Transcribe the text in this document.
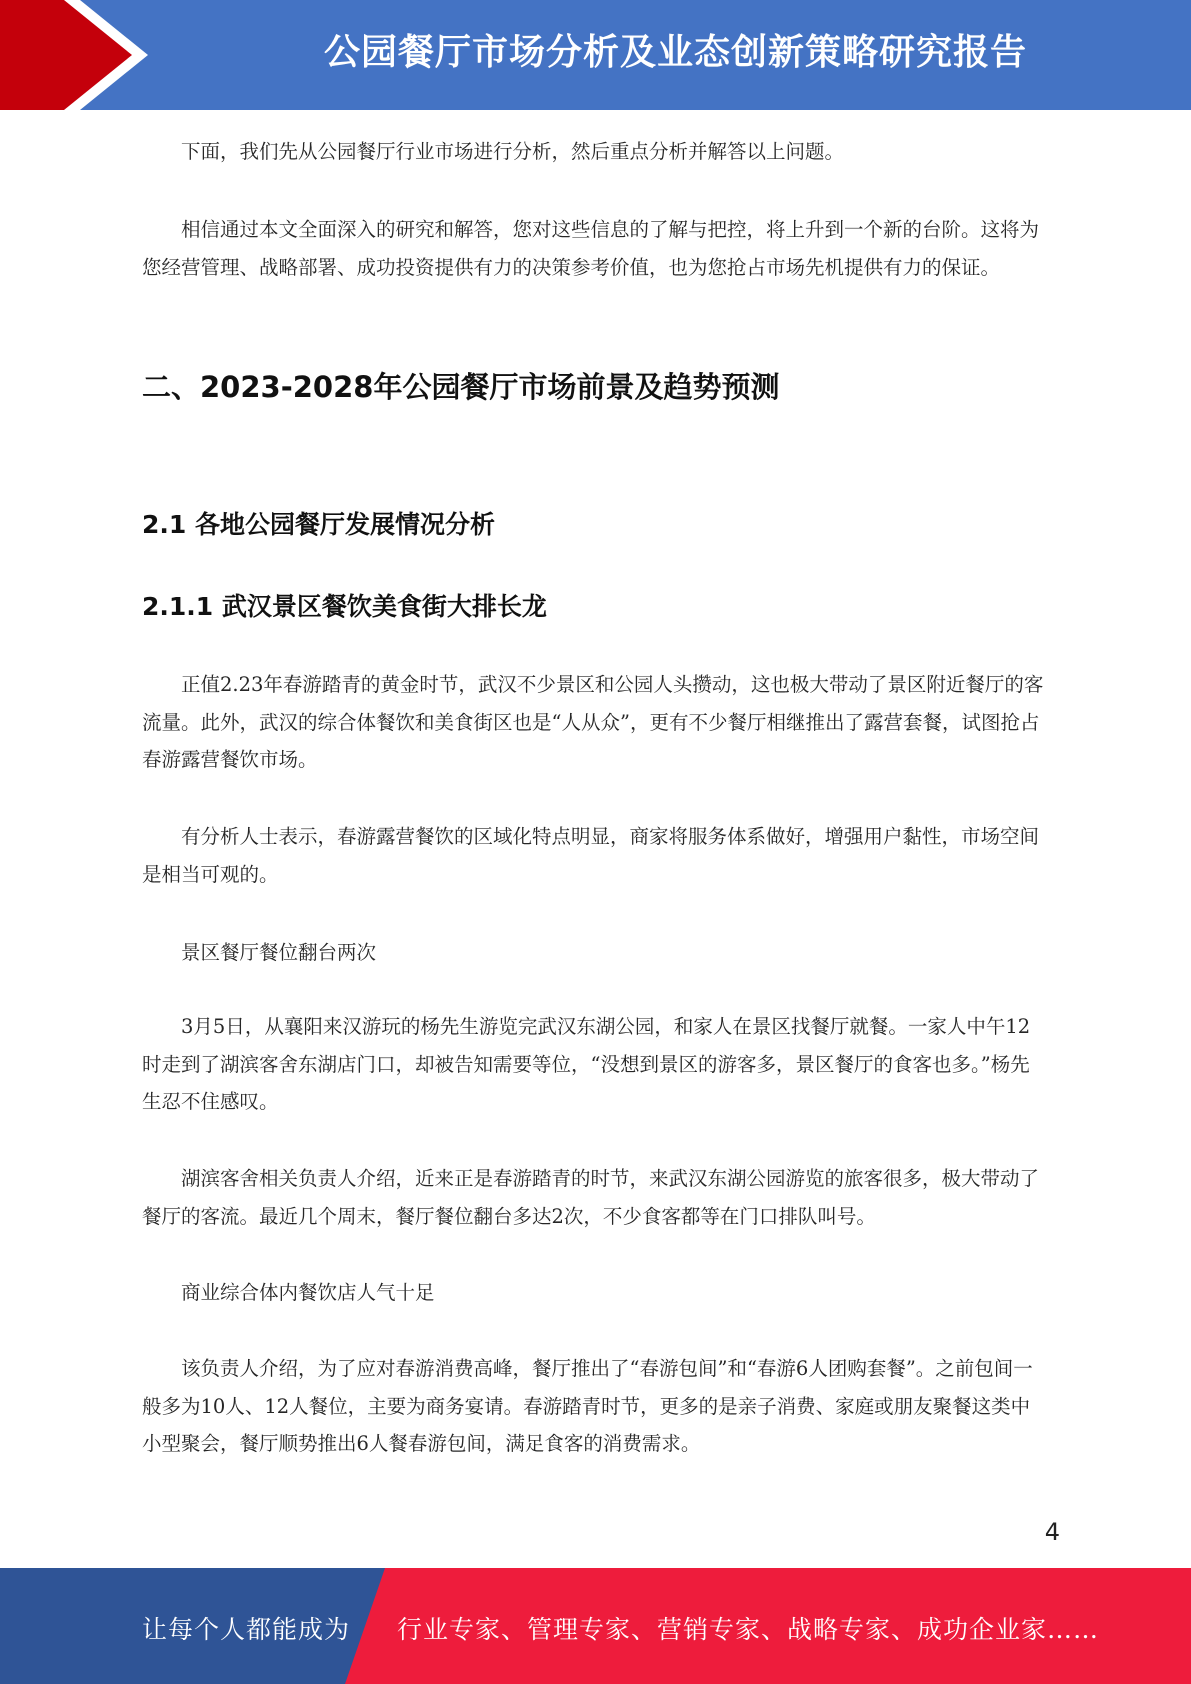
公园餐厅市场分析及业态创新策略研究报告

下面，我们先从公园餐厅行业市场进行分析，然后重点分析并解答以上问题。

相信通过本文全面深入的研究和解答，您对这些信息的了解与把控，将上升到一个新的台阶。这将为您经营管理、战略部署、成功投资提供有力的决策参考价值，也为您抢占市场先机提供有力的保证。

二、2023-2028年公园餐厅市场前景及趋势预测
2.1 各地公园餐厅发展情况分析
2.1.1 武汉景区餐饮美食街大排长龙

正值2.23年春游踏青的黄金时节，武汉不少景区和公园人头攒动，这也极大带动了景区附近餐厅的客流量。此外，武汉的综合体餐饮和美食街区也是“人从众”，更有不少餐厅相继推出了露营套餐，试图抢占春游露营餐饮市场。

有分析人士表示，春游露营餐饮的区域化特点明显，商家将服务体系做好，增强用户黏性，市场空间是相当可观的。

景区餐厅餐位翻台两次

3月5日，从襄阳来汉游玩的杨先生游览完武汉东湖公园，和家人在景区找餐厅就餐。一家人中午12时走到了湖滨客舍东湖店门口，却被告知需要等位，“没想到景区的游客多，景区餐厅的食客也多。”杨先生忍不住感叹。

湖滨客舍相关负责人介绍，近来正是春游踏青的时节，来武汉东湖公园游览的旅客很多，极大带动了餐厅的客流。最近几个周末，餐厅餐位翻台多达2次，不少食客都等在门口排队叫号。

商业综合体内餐饮店人气十足

该负责人介绍，为了应对春游消费高峰，餐厅推出了“春游包间”和“春游6人团购套餐”。之前包间一般多为10人、12人餐位，主要为商务宴请。春游踏青时节，更多的是亲子消费、家庭或朋友聚餐这类中小型聚会，餐厅顺势推出6人餐春游包间，满足食客的消费需求。

4
让每个人都能成为 行业专家、管理专家、营销专家、战略专家、成功企业家……
